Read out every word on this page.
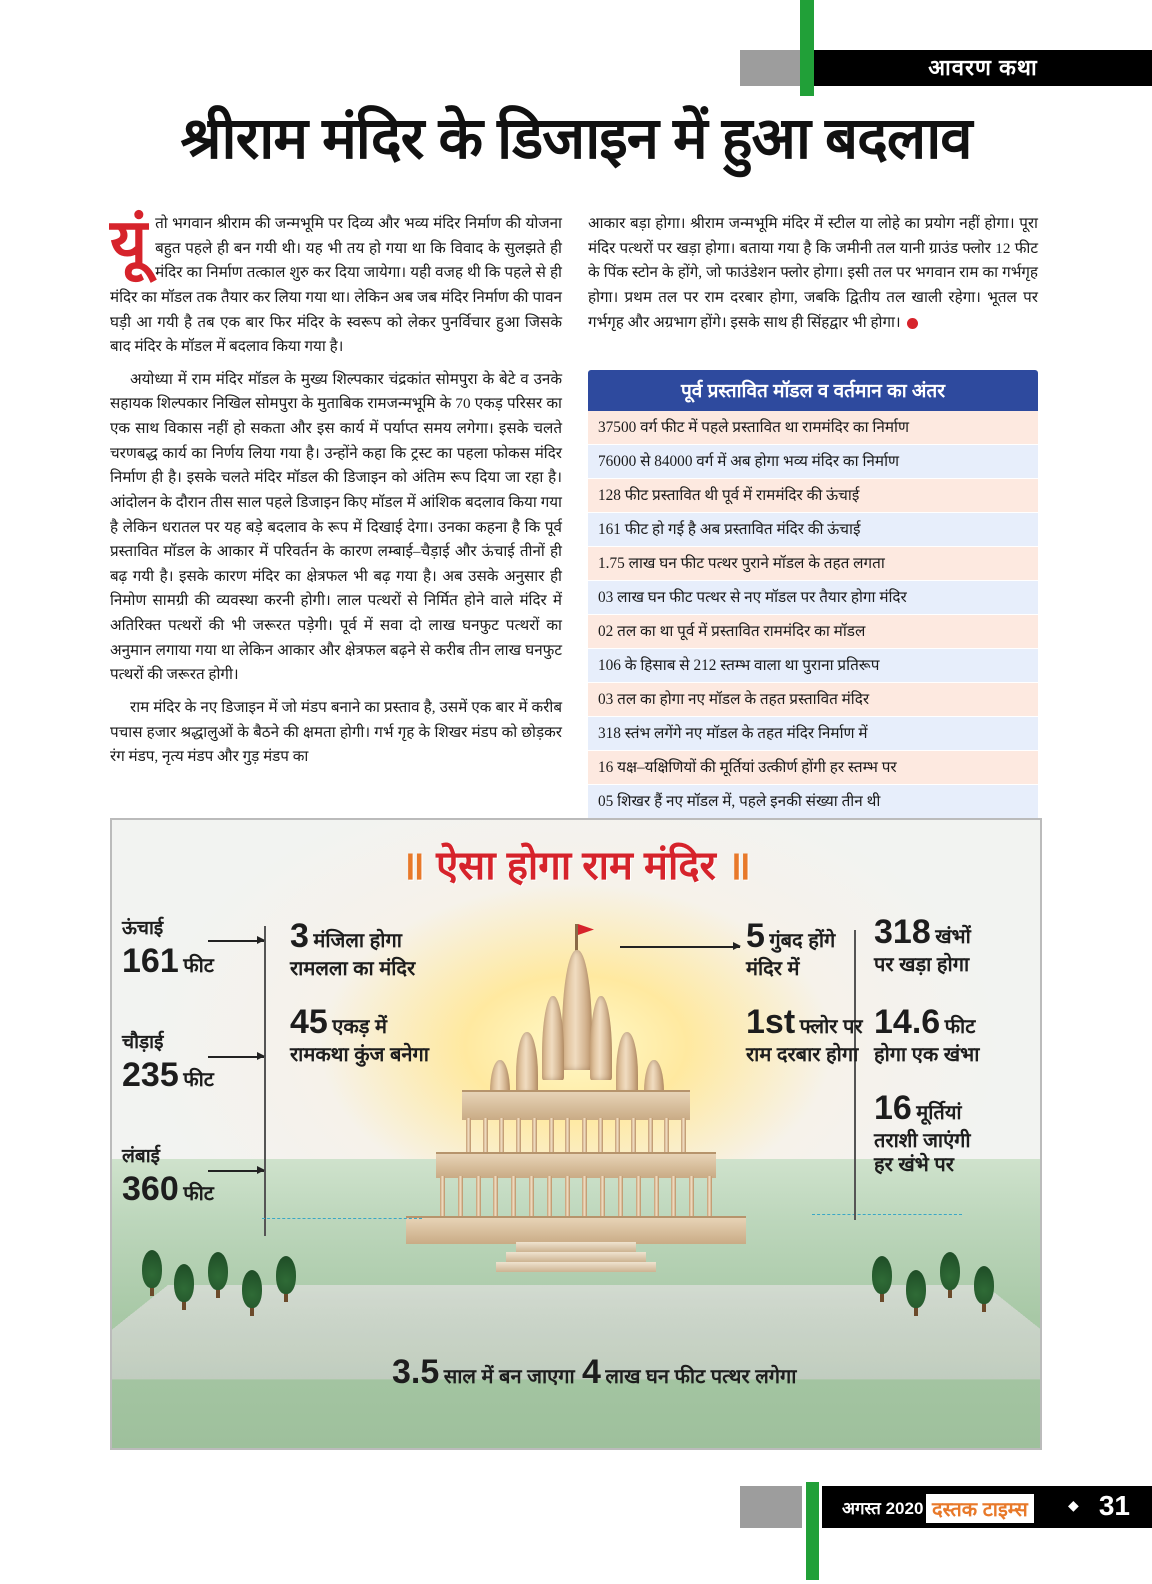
आवरण कथा
श्रीराम मंदिर के डिजाइन में हुआ बदलाव

यूं तो भगवान श्रीराम की जन्मभूमि पर दिव्य और भव्य मंदिर निर्माण की योजना बहुत पहले ही बन गयी थी। यह भी तय हो गया था कि विवाद के सुलझते ही मंदिर का निर्माण तत्काल शुरु कर दिया जायेगा। यही वजह थी कि पहले से ही मंदिर का मॉडल तक तैयार कर लिया गया था। लेकिन अब जब मंदिर निर्माण की पावन घड़ी आ गयी है तब एक बार फिर मंदिर के स्वरूप को लेकर पुनर्विचार हुआ जिसके बाद मंदिर के मॉडल में बदलाव किया गया है।

अयोध्या में राम मंदिर मॉडल के मुख्य शिल्पकार चंद्रकांत सोमपुरा के बेटे व उनके सहायक शिल्पकार निखिल सोमपुरा के मुताबिक रामजन्मभूमि के 70 एकड़ परिसर का एक साथ विकास नहीं हो सकता और इस कार्य में पर्याप्त समय लगेगा। इसके चलते चरणबद्ध कार्य का निर्णय लिया गया है। उन्होंने कहा कि ट्रस्ट का पहला फोकस मंदिर निर्माण ही है। इसके चलते मंदिर मॉडल की डिजाइन को अंतिम रूप दिया जा रहा है। आंदोलन के दौरान तीस साल पहले डिजाइन किए मॉडल में आंशिक बदलाव किया गया है लेकिन धरातल पर यह बड़े बदलाव के रूप में दिखाई देगा। उनका कहना है कि पूर्व प्रस्तावित मॉडल के आकार में परिवर्तन के कारण लम्बाई–चैड़ाई और ऊंचाई तीनों ही बढ़ गयी है। इसके कारण मंदिर का क्षेत्रफल भी बढ़ गया है। अब उसके अनुसार ही निमोण सामग्री की व्यवस्था करनी होगी। लाल पत्थरों से निर्मित होने वाले मंदिर में अतिरिक्त पत्थरों की भी जरूरत पड़ेगी। पूर्व में सवा दो लाख घनफुट पत्थरों का अनुमान लगाया गया था लेकिन आकार और क्षेत्रफल बढ़ने से करीब तीन लाख घनफुट पत्थरों की जरूरत होगी।

राम मंदिर के नए डिजाइन में जो मंडप बनाने का प्रस्ताव है, उसमें एक बार में करीब पचास हजार श्रद्धालुओं के बैठने की क्षमता होगी। गर्भ गृह के शिखर मंडप को छोड़कर रंग मंडप, नृत्य मंडप और गुड़ मंडप का

आकार बड़ा होगा। श्रीराम जन्मभूमि मंदिर में स्टील या लोहे का प्रयोग नहीं होगा। पूरा मंदिर पत्थरों पर खड़ा होगा। बताया गया है कि जमीनी तल यानी ग्राउंड फ्लोर 12 फीट के पिंक स्टोन के होंगे, जो फाउंडेशन फ्लोर होगा। इसी तल पर भगवान राम का गर्भगृह होगा। प्रथम तल पर राम दरबार होगा, जबकि द्वितीय तल खाली रहेगा। भूतल पर गर्भगृह और अग्रभाग होंगे। इसके साथ ही सिंहद्वार भी होगा।

पूर्व प्रस्तावित मॉडल व वर्तमान का अंतर
37500 वर्ग फीट में पहले प्रस्तावित था राममंदिर का निर्माण
76000 से 84000 वर्ग में अब होगा भव्य मंदिर का निर्माण
128 फीट प्रस्तावित थी पूर्व में राममंदिर की ऊंचाई
161 फीट हो गई है अब प्रस्तावित मंदिर की ऊंचाई
1.75 लाख घन फीट पत्थर पुराने मॉडल के तहत लगता
03 लाख घन फीट पत्थर से नए मॉडल पर तैयार होगा मंदिर
02 तल का था पूर्व में प्रस्तावित राममंदिर का मॉडल
106 के हिसाब से 212 स्तम्भ वाला था पुराना प्रतिरूप
03 तल का होगा नए मॉडल के तहत प्रस्तावित मंदिर
318 स्तंभ लगेंगे नए मॉडल के तहत मंदिर निर्माण में
16 यक्ष–यक्षिणियों की मूर्तियां उत्कीर्ण होंगी हर स्तम्भ पर
05 शिखर हैं नए मॉडल में, पहले इनकी संख्या तीन थी
॥ ऐसा होगा राम मंदिर ॥
ऊंचाई
161 फीट
चौड़ाई
235 फीट
लंबाई
360 फीट
3 मंजिला होगा
रामलला का मंदिर
45 एकड़ में
रामकथा कुंज बनेगा
5 गुंबद होंगे
मंदिर में
1st फ्लोर पर
राम दरबार होगा
318 खंभों
पर खड़ा होगा
14.6 फीट
होगा एक खंभा
16 मूर्तियां
तराशी जाएंगी
हर खंभे पर
3.5 साल में बन जाएगा 4 लाख घन फीट पत्थर लगेगा
अगस्त 2020 दस्तक टाइम्स	◆ 31
